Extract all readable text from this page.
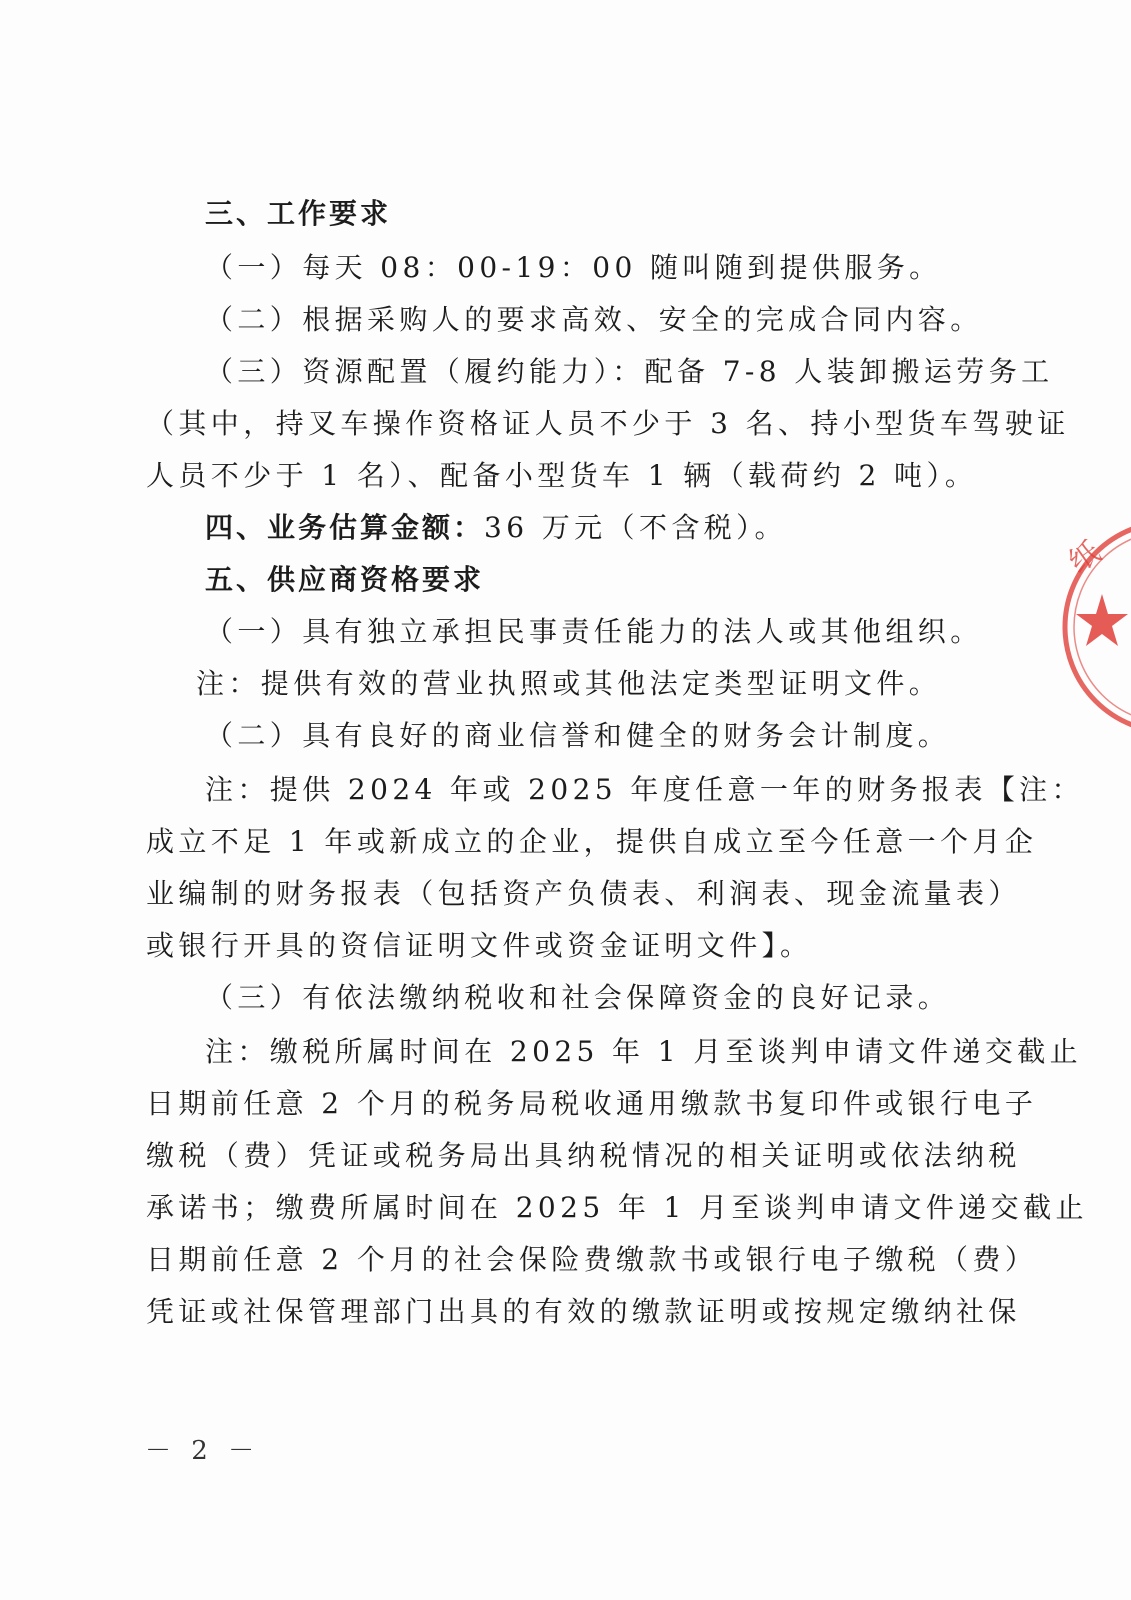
三、工作要求
（一）每天 08：00-19：00 随叫随到提供服务。
（二）根据采购人的要求高效、安全的完成合同内容。
（三）资源配置（履约能力）：配备 7-8 人装卸搬运劳务工
（其中，持叉车操作资格证人员不少于 3 名、持小型货车驾驶证
人员不少于 1 名）、配备小型货车 1 辆（载荷约 2 吨）。
四、业务估算金额：36 万元（不含税）。
五、供应商资格要求
（一）具有独立承担民事责任能力的法人或其他组织。
注：提供有效的营业执照或其他法定类型证明文件。
（二）具有良好的商业信誉和健全的财务会计制度。
注：提供 2024 年或 2025 年度任意一年的财务报表【注：
成立不足 1 年或新成立的企业，提供自成立至今任意一个月企
业编制的财务报表（包括资产负债表、利润表、现金流量表）
或银行开具的资信证明文件或资金证明文件】。
（三）有依法缴纳税收和社会保障资金的良好记录。
注：缴税所属时间在 2025 年 1 月至谈判申请文件递交截止
日期前任意 2 个月的税务局税收通用缴款书复印件或银行电子
缴税（费）凭证或税务局出具纳税情况的相关证明或依法纳税
承诺书；缴费所属时间在 2025 年 1 月至谈判申请文件递交截止
日期前任意 2 个月的社会保险费缴款书或银行电子缴税（费）
凭证或社保管理部门出具的有效的缴款证明或按规定缴纳社保
－ 2 －
纸
